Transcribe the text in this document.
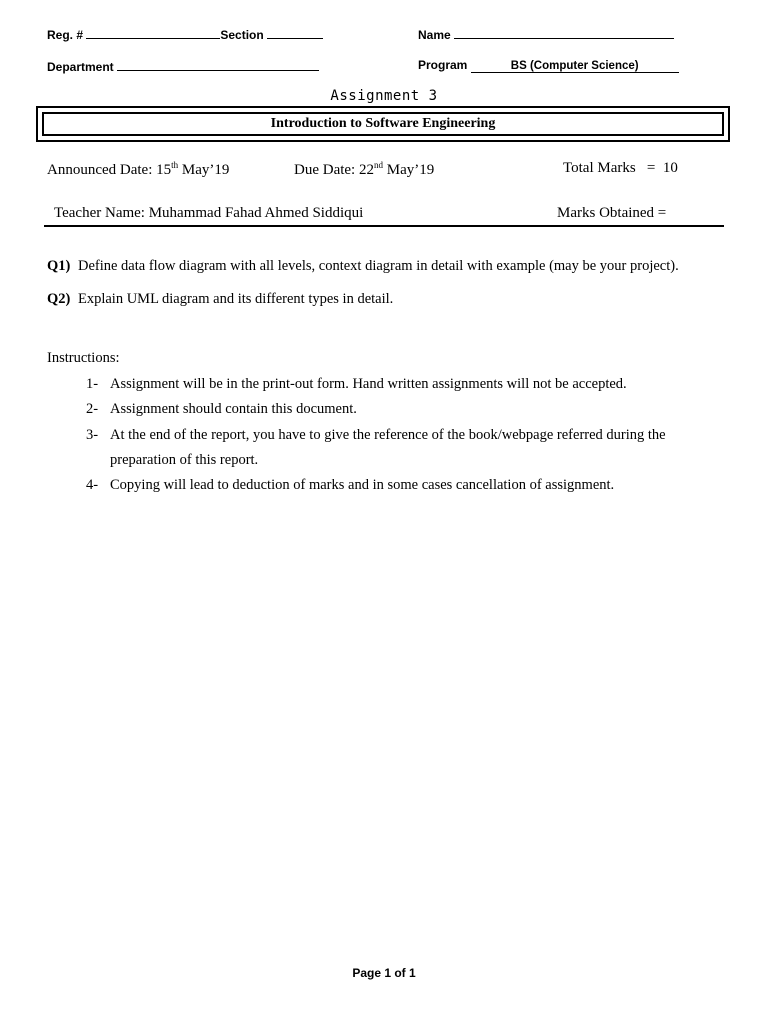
Reg. #	Section	Name
Department	Program	BS (Computer Science)
Assignment 3
Introduction to Software Engineering
Announced Date: 15th May’19	Due Date: 22nd May’19	Total Marks   =  10
Teacher Name: Muhammad Fahad Ahmed Siddiqui	Marks Obtained =
Q1) Define data flow diagram with all levels, context diagram in detail with example (may be your project).
Q2) Explain UML diagram and its different types in detail.
Instructions:
1- Assignment will be in the print-out form. Hand written assignments will not be accepted.
2- Assignment should contain this document.
3- At the end of the report, you have to give the reference of the book/webpage referred during the
preparation of this report.
4- Copying will lead to deduction of marks and in some cases cancellation of assignment.
Page 1 of 1
